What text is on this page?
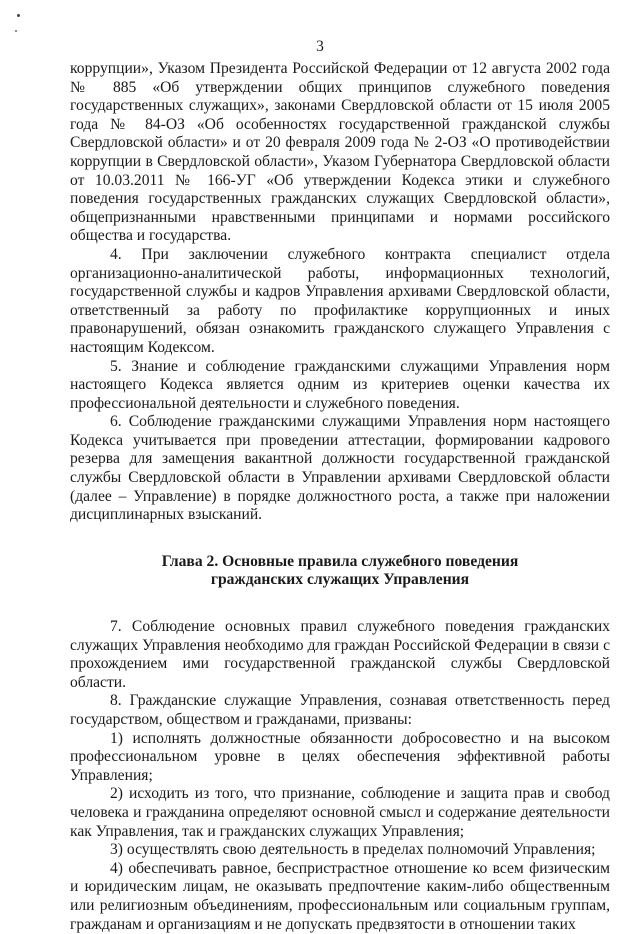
3

коррупции», Указом Президента Российской Федерации от 12 августа 2002 года № 885 «Об утверждении общих принципов служебного поведения государственных служащих», законами Свердловской области от 15 июля 2005 года № 84-ОЗ «Об особенностях государственной гражданской службы Свердловской области» и от 20 февраля 2009 года № 2-ОЗ «О противодействии коррупции в Свердловской области», Указом Губернатора Свердловской области от 10.03.2011 № 166-УГ «Об утверждении Кодекса этики и служебного поведения государственных гражданских служащих Свердловской области», общепризнанными нравственными принципами и нормами российского общества и государства.

4. При заключении служебного контракта специалист отдела организационно-аналитической работы, информационных технологий, государственной службы и кадров Управления архивами Свердловской области, ответственный за работу по профилактике коррупционных и иных правонарушений, обязан ознакомить гражданского служащего Управления с настоящим Кодексом.

5. Знание и соблюдение гражданскими служащими Управления норм настоящего Кодекса является одним из критериев оценки качества их профессиональной деятельности и служебного поведения.

6. Соблюдение гражданскими служащими Управления норм настоящего Кодекса учитывается при проведении аттестации, формировании кадрового резерва для замещения вакантной должности государственной гражданской службы Свердловской области в Управлении архивами Свердловской области (далее – Управление) в порядке должностного роста, а также при наложении дисциплинарных взысканий.

Глава 2. Основные правила служебного поведения
гражданских служащих Управления

7. Соблюдение основных правил служебного поведения гражданских служащих Управления необходимо для граждан Российской Федерации в связи с прохождением ими государственной гражданской службы Свердловской области.

8. Гражданские служащие Управления, сознавая ответственность перед государством, обществом и гражданами, призваны:

1) исполнять должностные обязанности добросовестно и на высоком профессиональном уровне в целях обеспечения эффективной работы Управления;

2) исходить из того, что признание, соблюдение и защита прав и свобод человека и гражданина определяют основной смысл и содержание деятельности как Управления, так и гражданских служащих Управления;

3) осуществлять свою деятельность в пределах полномочий Управления;

4) обеспечивать равное, беспристрастное отношение ко всем физическим и юридическим лицам, не оказывать предпочтение каким-либо общественным или религиозным объединениям, профессиональным или социальным группам, гражданам и организациям и не допускать предвзятости в отношении таких
